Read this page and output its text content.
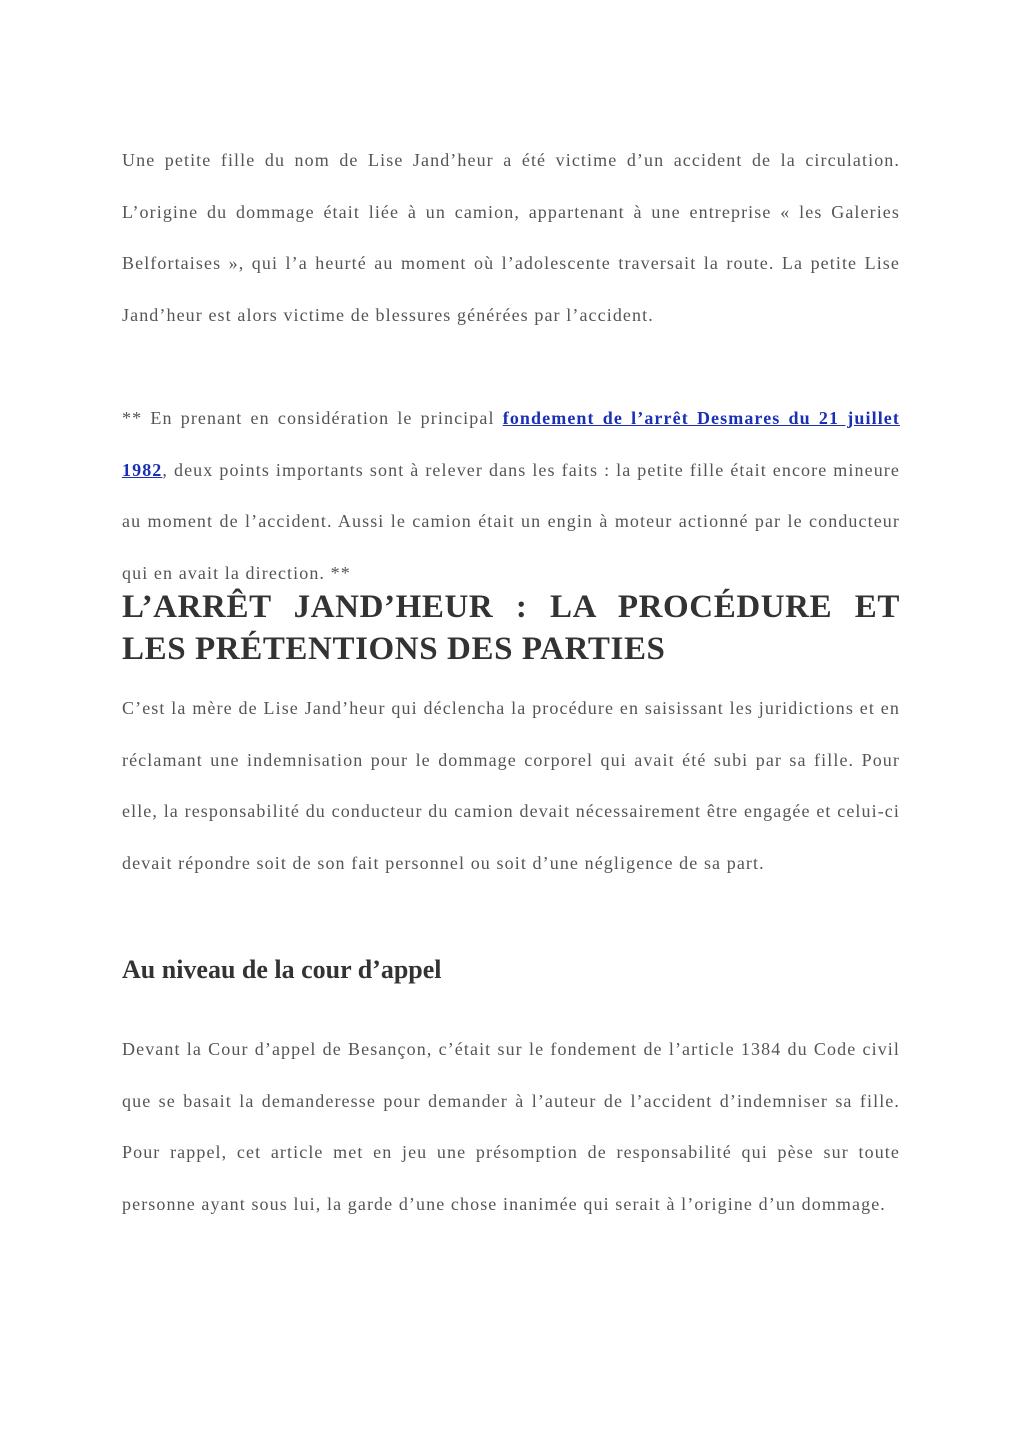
Une petite fille du nom de Lise Jand’heur a été victime d’un accident de la circulation. L’origine du dommage était liée à un camion, appartenant à une entreprise « les Galeries Belfortaises », qui l’a heurté au moment où l’adolescente traversait la route. La petite Lise Jand’heur est alors victime de blessures générées par l’accident.

** En prenant en considération le principal fondement de l’arrêt Desmares du 21 juillet 1982, deux points importants sont à relever dans les faits : la petite fille était encore mineure au moment de l’accident. Aussi le camion était un engin à moteur actionné par le conducteur qui en avait la direction. **

L’ARRÊT JAND’HEUR : LA PROCÉDURE ET LES PRÉTENTIONS DES PARTIES

C’est la mère de Lise Jand’heur qui déclencha la procédure en saisissant les juridictions et en réclamant une indemnisation pour le dommage corporel qui avait été subi par sa fille. Pour elle, la responsabilité du conducteur du camion devait nécessairement être engagée et celui-ci devait répondre soit de son fait personnel ou soit d’une négligence de sa part.

Au niveau de la cour d’appel

Devant la Cour d’appel de Besançon, c’était sur le fondement de l’article 1384 du Code civil que se basait la demanderesse pour demander à l’auteur de l’accident d’indemniser sa fille. Pour rappel, cet article met en jeu une présomption de responsabilité qui pèse sur toute personne ayant sous lui, la garde d’une chose inanimée qui serait à l’origine d’un dommage.
